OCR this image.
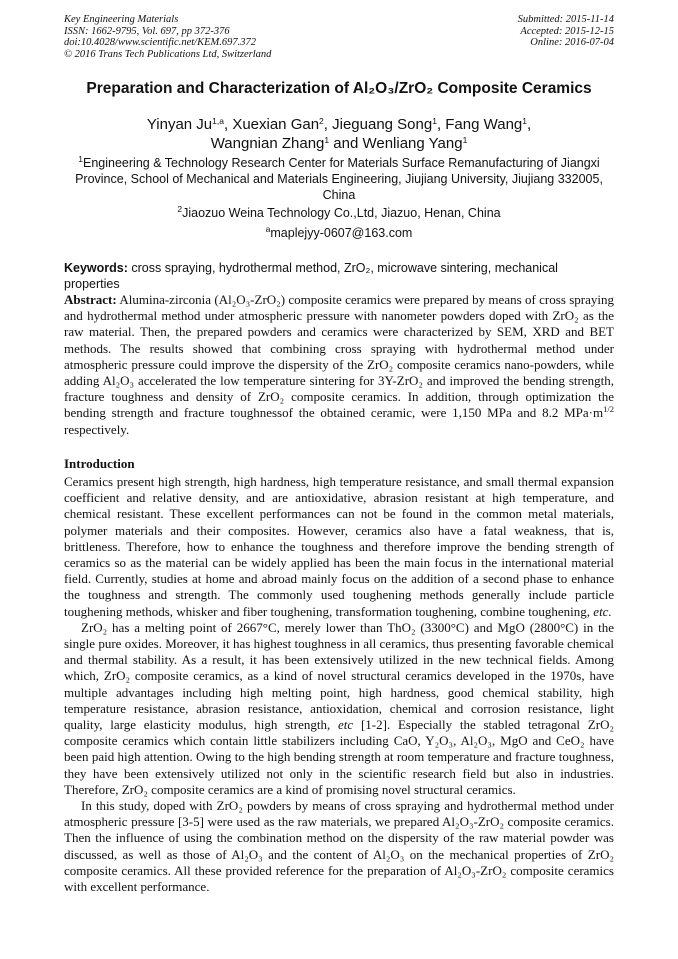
Key Engineering Materials
ISSN: 1662-9795, Vol. 697, pp 372-376
doi:10.4028/www.scientific.net/KEM.697.372
© 2016 Trans Tech Publications Ltd, Switzerland
Submitted: 2015-11-14
Accepted: 2015-12-15
Online: 2016-07-04
Preparation and Characterization of Al₂O₃/ZrO₂ Composite Ceramics
Yinyan Ju$^{1,a}$, Xuexian Gan$^2$, Jieguang Song$^1$, Fang Wang$^1$,
Wangnian Zhang$^1$ and Wenliang Yang$^1$
$^1$Engineering & Technology Research Center for Materials Surface Remanufacturing of Jiangxi Province, School of Mechanical and Materials Engineering, Jiujiang University, Jiujiang 332005, China
$^2$Jiaozuo Weina Technology Co.,Ltd, Jiazuo, Henan, China
$^a$maplejyy-0607@163.com
Keywords: cross spraying, hydrothermal method, ZrO₂, microwave sintering, mechanical properties
Abstract: Alumina-zirconia (Al₂O₃-ZrO₂) composite ceramics were prepared by means of cross spraying and hydrothermal method under atmospheric pressure with nanometer powders doped with ZrO₂ as the raw material. Then, the prepared powders and ceramics were characterized by SEM, XRD and BET methods. The results showed that combining cross spraying with hydrothermal method under atmospheric pressure could improve the dispersity of the ZrO₂ composite ceramics nano-powders, while adding Al₂O₃ accelerated the low temperature sintering for 3Y-ZrO₂ and improved the bending strength, fracture toughness and density of ZrO₂ composite ceramics. In addition, through optimization the bending strength and fracture toughnessof the obtained ceramic, were 1,150 MPa and 8.2 $MPa\cdot m^{1/2}$ respectively.
Introduction

Ceramics present high strength, high hardness, high temperature resistance, and small thermal expansion coefficient and relative density, and are antioxidative, abrasion resistant at high temperature, and chemical resistant. These excellent performances can not be found in the common metal materials, polymer materials and their composites. However, ceramics also have a fatal weakness, that is, brittleness. Therefore, how to enhance the toughness and therefore improve the bending strength of ceramics so as the material can be widely applied has been the main focus in the international material field. Currently, studies at home and abroad mainly focus on the addition of a second phase to enhance the toughness and strength. The commonly used toughening methods generally include particle toughening methods, whisker and fiber toughening, transformation toughening, combine toughening, etc.

ZrO₂ has a melting point of 2667°C, merely lower than ThO₂ (3300°C) and MgO (2800°C) in the single pure oxides. Moreover, it has highest toughness in all ceramics, thus presenting favorable chemical and thermal stability. As a result, it has been extensively utilized in the new technical fields. Among which, ZrO₂ composite ceramics, as a kind of novel structural ceramics developed in the 1970s, have multiple advantages including high melting point, high hardness, good chemical stability, high temperature resistance, abrasion resistance, antioxidation, chemical and corrosion resistance, light quality, large elasticity modulus, high strength, etc [1-2]. Especially the stabled tetragonal ZrO₂ composite ceramics which contain little stabilizers including CaO, Y₂O₃, Al₂O₃, MgO and CeO₂ have been paid high attention. Owing to the high bending strength at room temperature and fracture toughness, they have been extensively utilized not only in the scientific research field but also in industries. Therefore, ZrO₂ composite ceramics are a kind of promising novel structural ceramics.

In this study, doped with ZrO₂ powders by means of cross spraying and hydrothermal method under atmospheric pressure [3-5] were used as the raw materials, we prepared Al₂O₃-ZrO₂ composite ceramics. Then the influence of using the combination method on the dispersity of the raw material powder was discussed, as well as those of Al₂O₃ and the content of Al₂O₃ on the mechanical properties of ZrO₂ composite ceramics. All these provided reference for the preparation of Al₂O₃-ZrO₂ composite ceramics with excellent performance.
